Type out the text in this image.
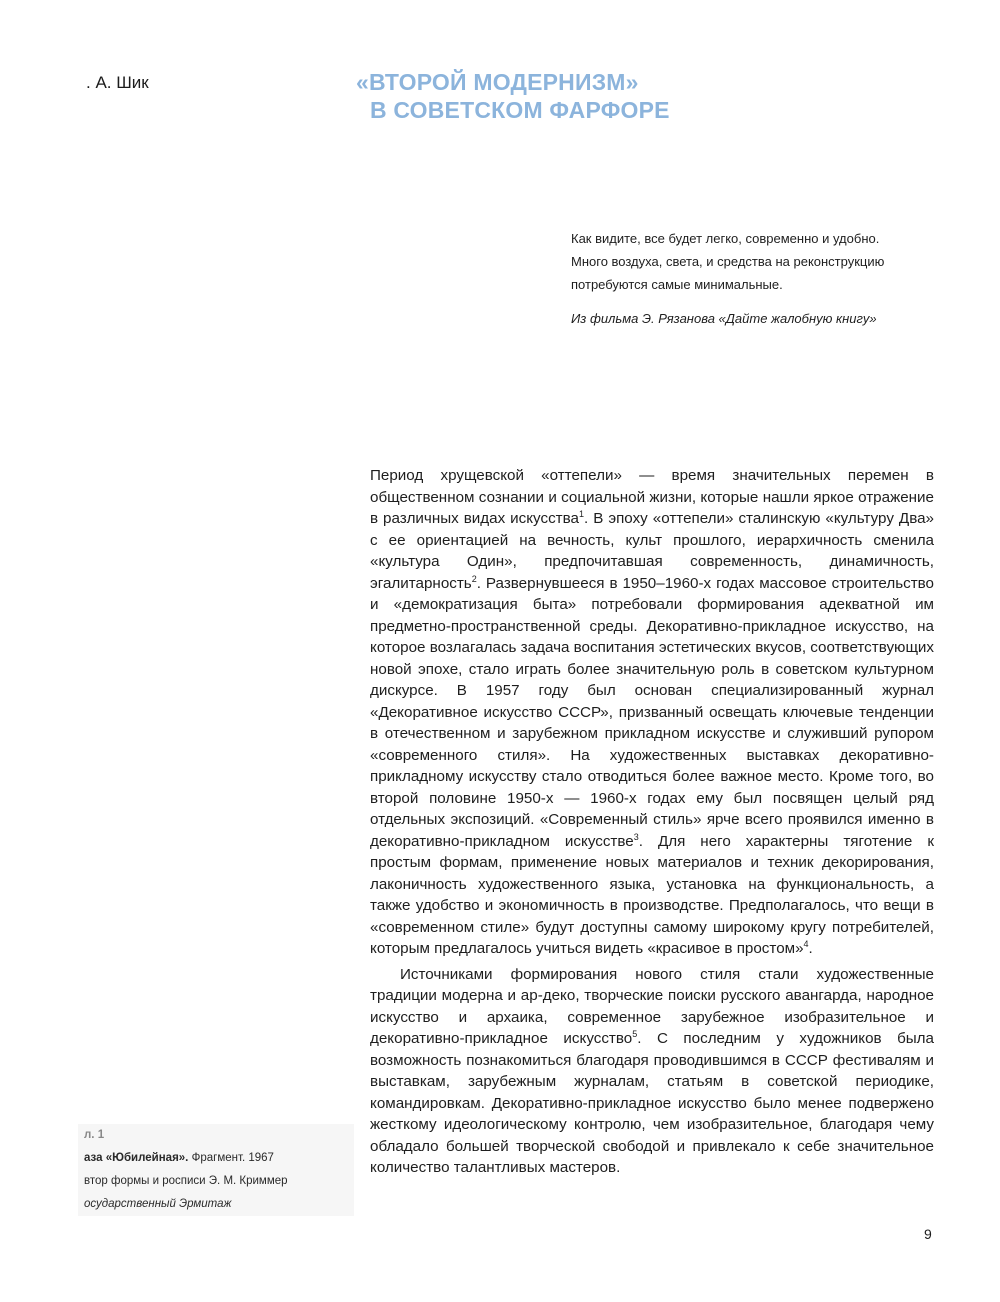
. А. Шик	«ВТОРОЙ МОДЕРНИЗМ»
В СОВЕТСКОМ ФАРФОРЕ
Как видите, все будет легко, современно и удобно.
Много воздуха, света, и средства на реконструкцию
потребуются самые минимальные.
Из фильма Э. Рязанова «Дайте жалобную книгу»

Период хрущевской «оттепели» — время значительных перемен в общественном сознании и социальной жизни, которые нашли яркое отражение в различных видах искусства$^1$. В эпоху «оттепели» сталинскую «культуру Два» с ее ориентацией на вечность, культ прошлого, иерархичность сменила «культура Один», предпочитавшая современность, динамичность, эгалитарность$^2$. Развернувшееся в 1950–1960-х годах массовое строительство и «демократизация быта» потребовали формирования адекватной им предметно-пространственной среды. Декоративно-прикладное искусство, на которое возлагалась задача воспитания эстетических вкусов, соответствующих новой эпохе, стало играть более значительную роль в советском культурном дискурсе. В 1957 году был основан специализированный журнал «Декоративное искусство СССР», призванный освещать ключевые тенденции в отечественном и зарубежном прикладном искусстве и служивший рупором «современного стиля». На художественных выставках декоративно-прикладному искусству стало отводиться более важное место. Кроме того, во второй половине 1950-х — 1960-х годах ему был посвящен целый ряд отдельных экспозиций. «Современный стиль» ярче всего проявился именно в декоративно-прикладном искусстве$^3$. Для него характерны тяготение к простым формам, применение новых материалов и техник декорирования, лаконичность художественного языка, установка на функциональность, а также удобство и экономичность в производстве. Предполагалось, что вещи в «современном стиле» будут доступны самому широкому кругу потребителей, которым предлагалось учиться видеть «красивое в простом»$^4$.

Источниками формирования нового стиля стали художественные традиции модерна и ар-деко, творческие поиски русского авангарда, народное искусство и архаика, современное зарубежное изобразительное и декоративно-прикладное искусство$^5$. С последним у художников была возможность познакомиться благодаря проводившимся в СССР фестивалям и выставкам, зарубежным журналам, статьям в советской периодике, командировкам. Декоративно-прикладное искусство было менее подвержено жесткому идеологическому контролю, чем изобразительное, благодаря чему обладало большей творческой свободой и привлекало к себе значительное количество талантливых мастеров.

л. 1
аза «Юбилейная». Фрагмент. 1967
втор формы и росписи Э. М. Криммер
осударственный Эрмитаж
9
